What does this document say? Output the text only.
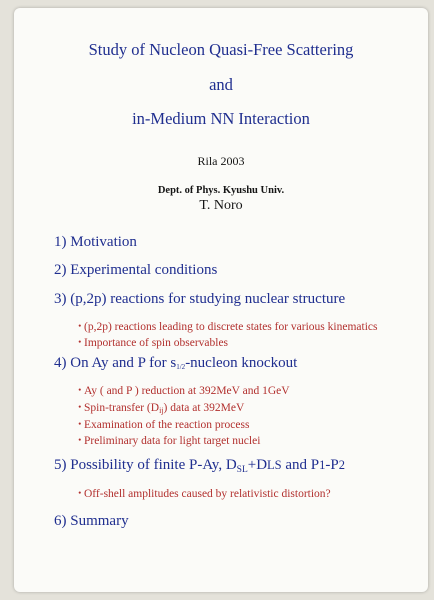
Study of Nucleon Quasi-Free Scattering
and
in-Medium NN Interaction
Rila 2003
Dept. of Phys. Kyushu Univ.
T. Noro
1) Motivation
2) Experimental conditions
3) (p,2p) reactions for studying nuclear structure
・(p,2p) reactions leading to discrete states for various kinematics
・Importance of spin observables
4) On Ay and P for $s_{1/2}$-nucleon knockout
・Ay ( and P ) reduction at 392MeV and 1GeV
・Spin-transfer $(D_{ij})$ data at 392MeV
・Examination of the reaction process
・Preliminary data for light target nuclei
5) Possibility of finite P-Ay, $D_{SL}+DLS$ and P1-P2
・Off-shell amplitudes caused by relativistic distortion?
6) Summary
